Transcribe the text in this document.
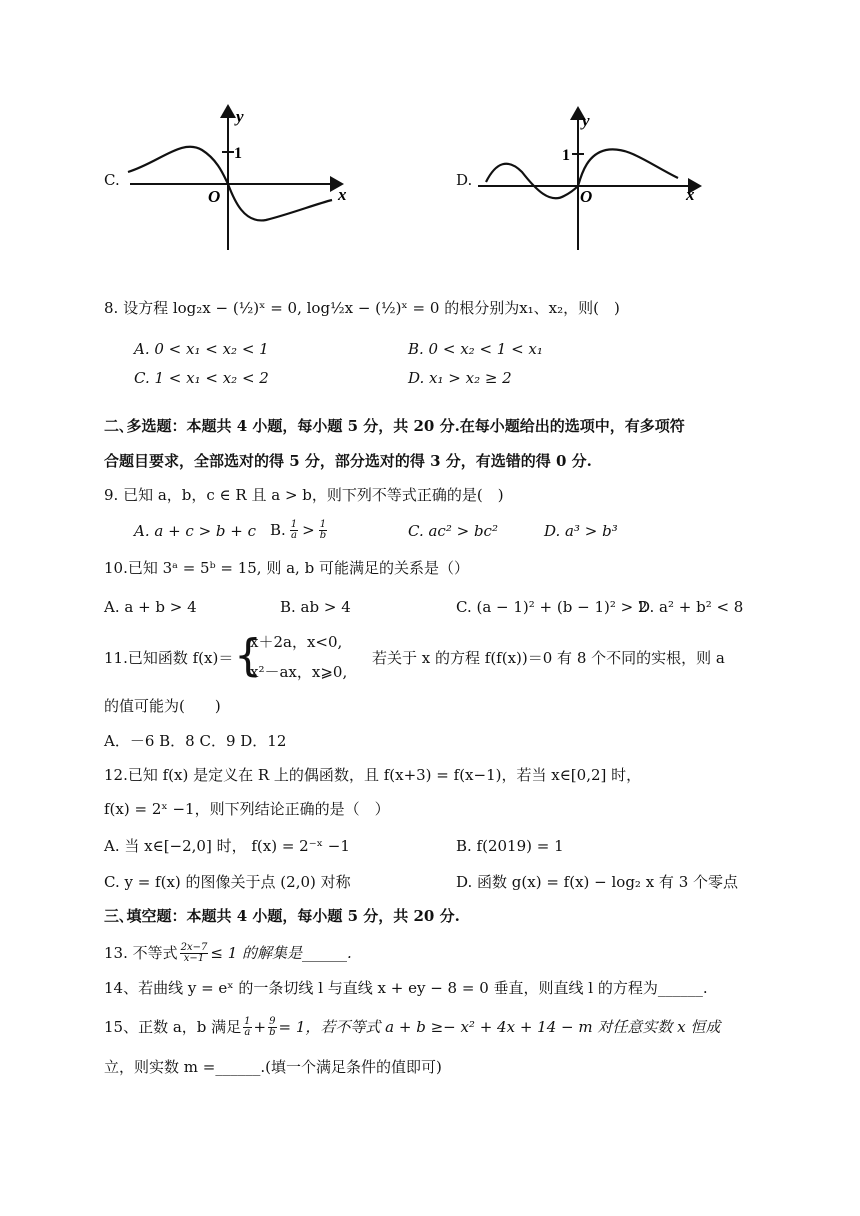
C.
y
1
O	x
D.
y
1
O	x
8. 设方程 log₂x − (½)ˣ = 0, log½x − (½)ˣ = 0 的根分别为x₁、x₂，则(　)
A. 0 < x₁ < x₂ < 1	B. 0 < x₂ < 1 < x₁
C. 1 < x₁ < x₂ < 2	D. x₁ > x₂ ≥ 2
二､多选题：本题共 4 小题，每小题 5 分，共 20 分.在每小题给出的选项中，有多项符
合题目要求，全部选对的得 5 分，部分选对的得 3 分，有选错的得 0 分.
9. 已知 a，b，c ∈ R 且 a > b，则下列不等式正确的是(　)
A. a + c > b + c B. $\frac{1}{a} > \frac{1}{b}$	C. ac² > bc²	D. a³ > b³
10.已知 3ᵃ = 5ᵇ = 15, 则 a, b 可能满足的关系是（）
A. a + b > 4	B. ab > 4	C. (a − 1)² + (b − 1)² > 2
D. a² + b² < 8
11.已知函数 f(x)＝ {
x＋2a，x<0,
x²－ax，x⩾0,
若关于 x 的方程 f(f(x))＝0 有 8 个不同的实根，则 a
的值可能为(　　)
A．－6 B．8 C．9 D．12
12.已知 f(x) 是定义在 R 上的偶函数，且 f(x+3) = f(x−1)，若当 x∈[0,2] 时，
f(x) = 2ˣ −1，则下列结论正确的是（　）
A. 当 x∈[−2,0] 时， f(x) = 2⁻ˣ −1	B. f(2019) = 1
C. y = f(x) 的图像关于点 (2,0) 对称	D. 函数 g(x) = f(x) − log₂ x 有 3 个零点
三､填空题：本题共 4 小题，每小题 5 分，共 20 分.
13. 不等式 $\frac{2x-7}{x-1} \le 1$ 的解集是______.
14、若曲线 y = eˣ 的一条切线 l 与直线 x + ey − 8 = 0 垂直，则直线 l 的方程为______.
15、正数 a，b 满足 $\frac{1}{a} + \frac{9}{b} = 1$，若不等式 a + b ≥− x² + 4x + 14 − m 对任意实数 x 恒成
立，则实数 m =______.(填一个满足条件的值即可)
